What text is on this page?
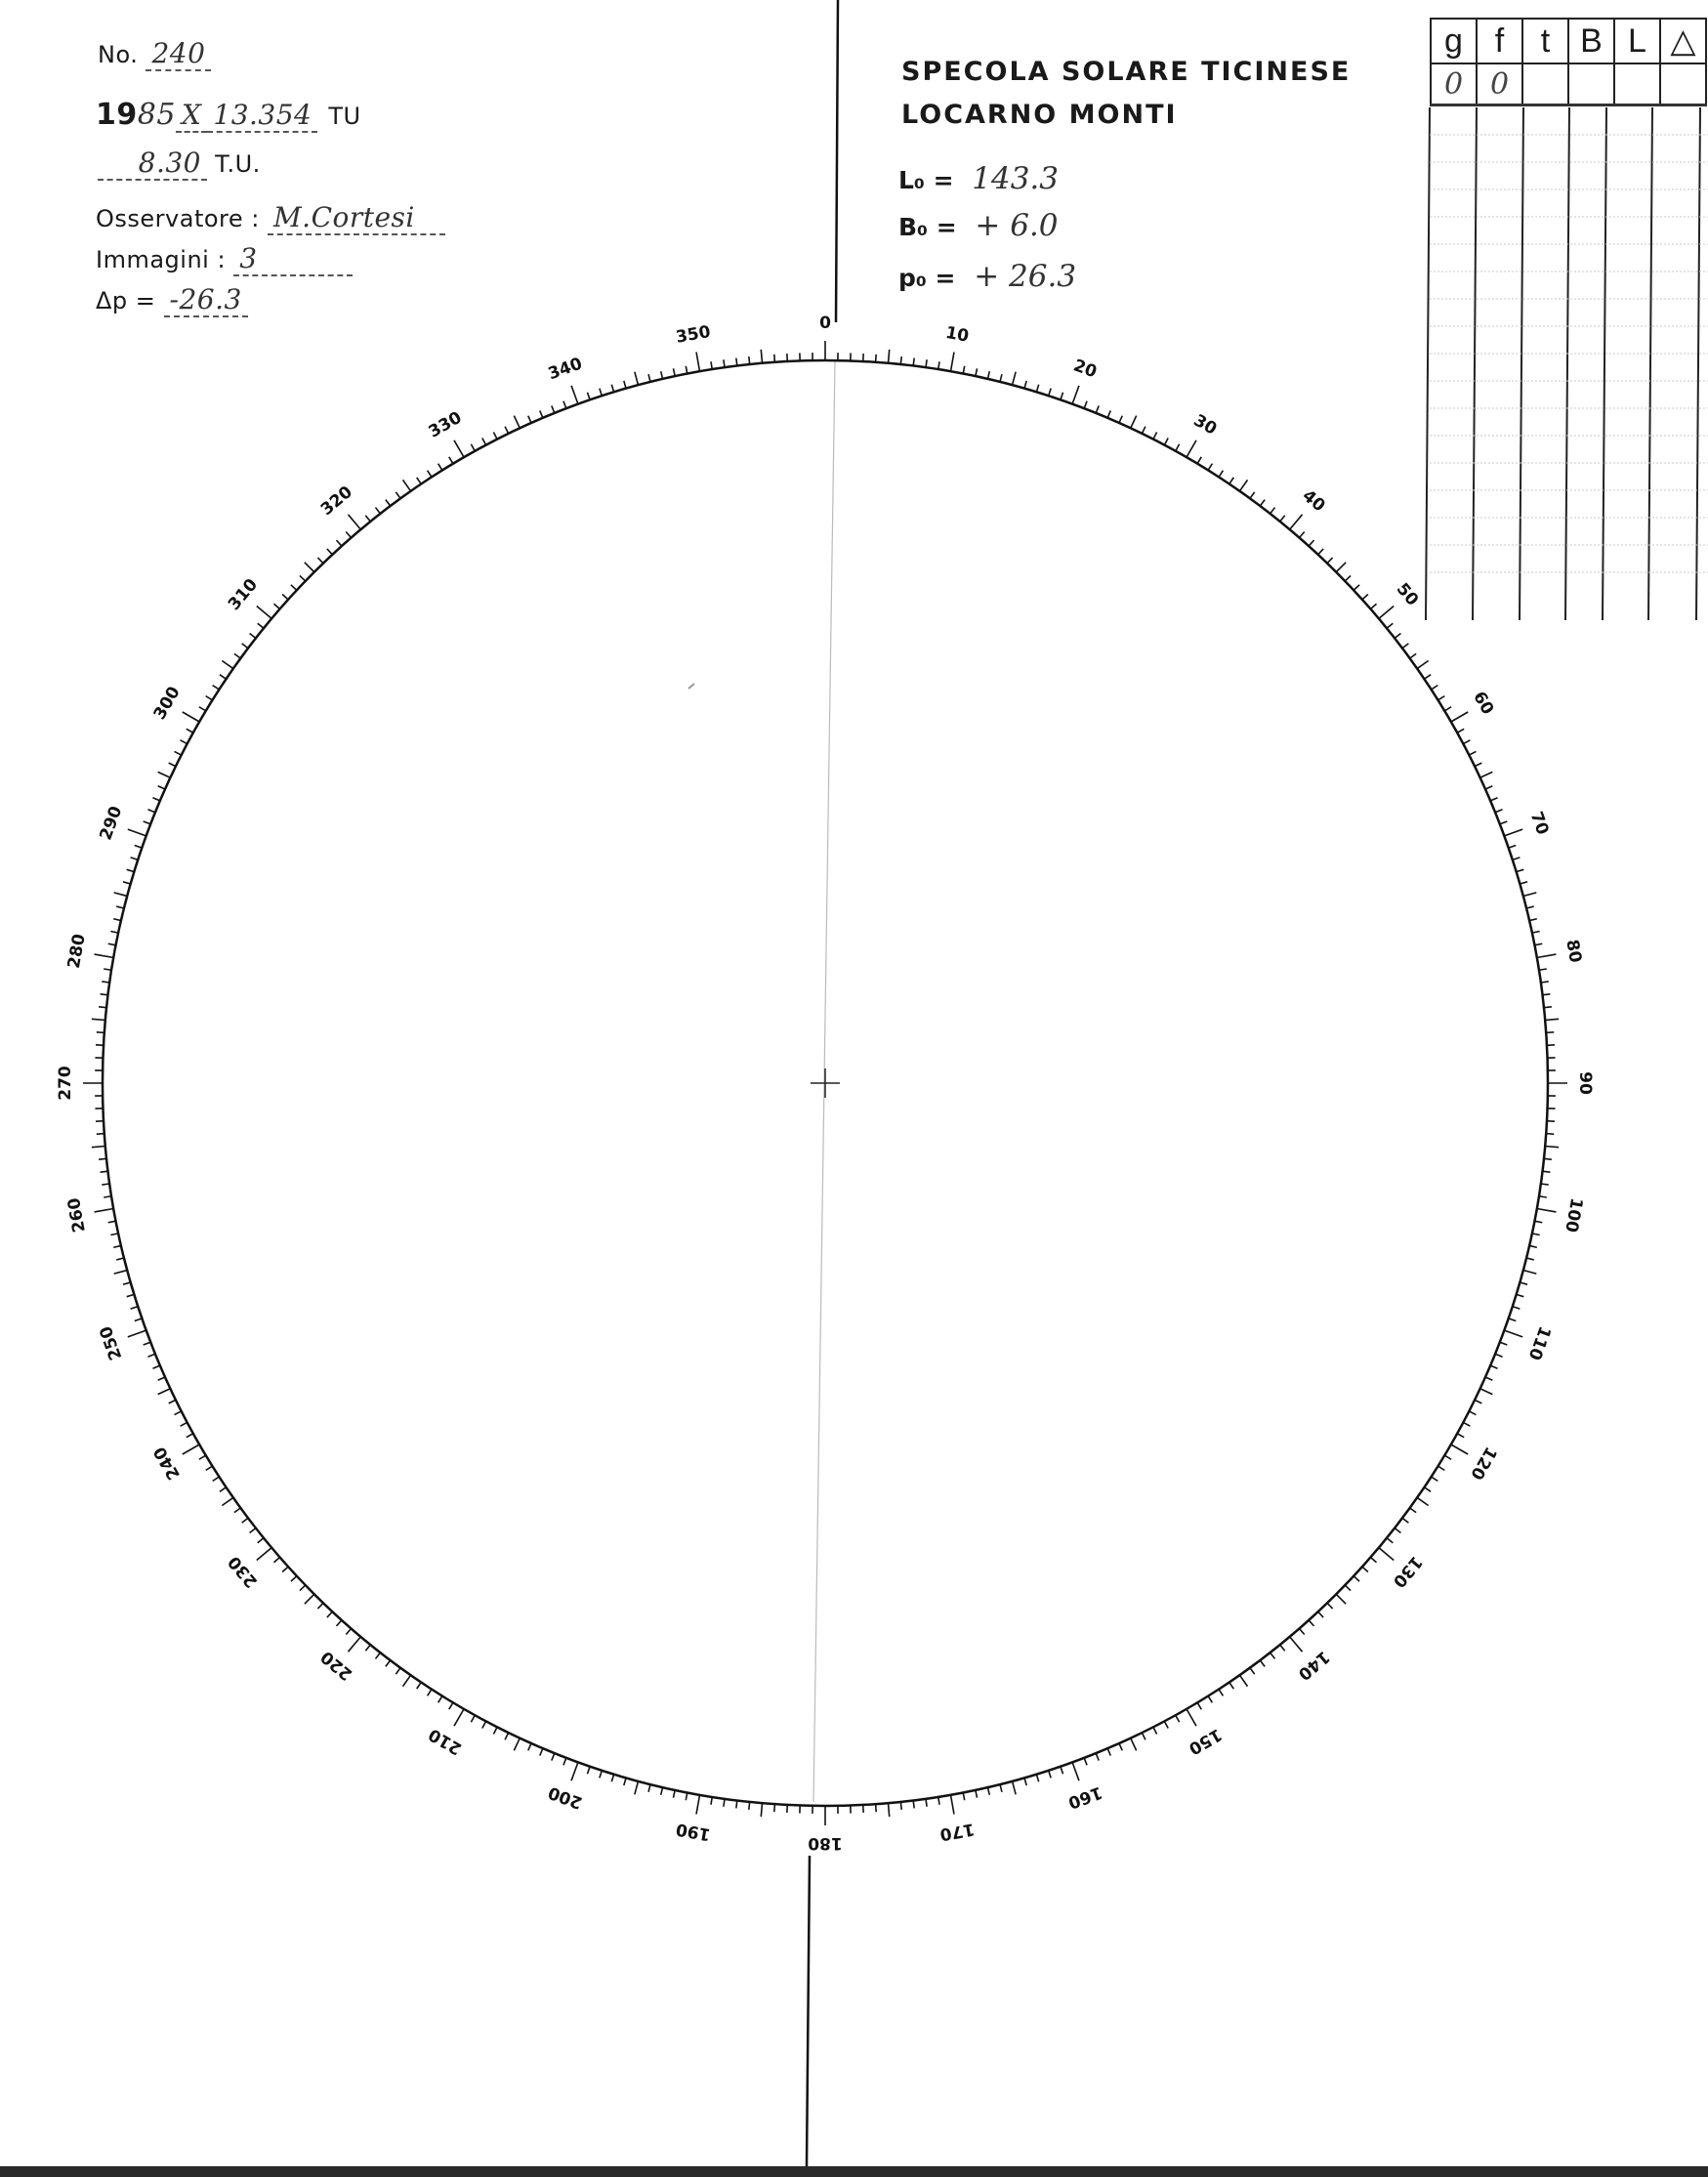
0	10
20
30
40
50
60
70
80
90
100
110
120
130
140
150
160
170
180
190
200
210
220
230
240
250
260
270
280
290
300
310
320
330
340
350
No. 240
1985 X 13.354 TU
8.30 T.U.
Osservatore : M.Cortesi
Immagini : 3
Δp = -26.3
SPECOLA SOLARE TICINESE
LOCARNO MONTI
L₀ = 143.3
B₀ = + 6.0
p₀ = + 26.3
g	f	t	B	L	△
0	0				
